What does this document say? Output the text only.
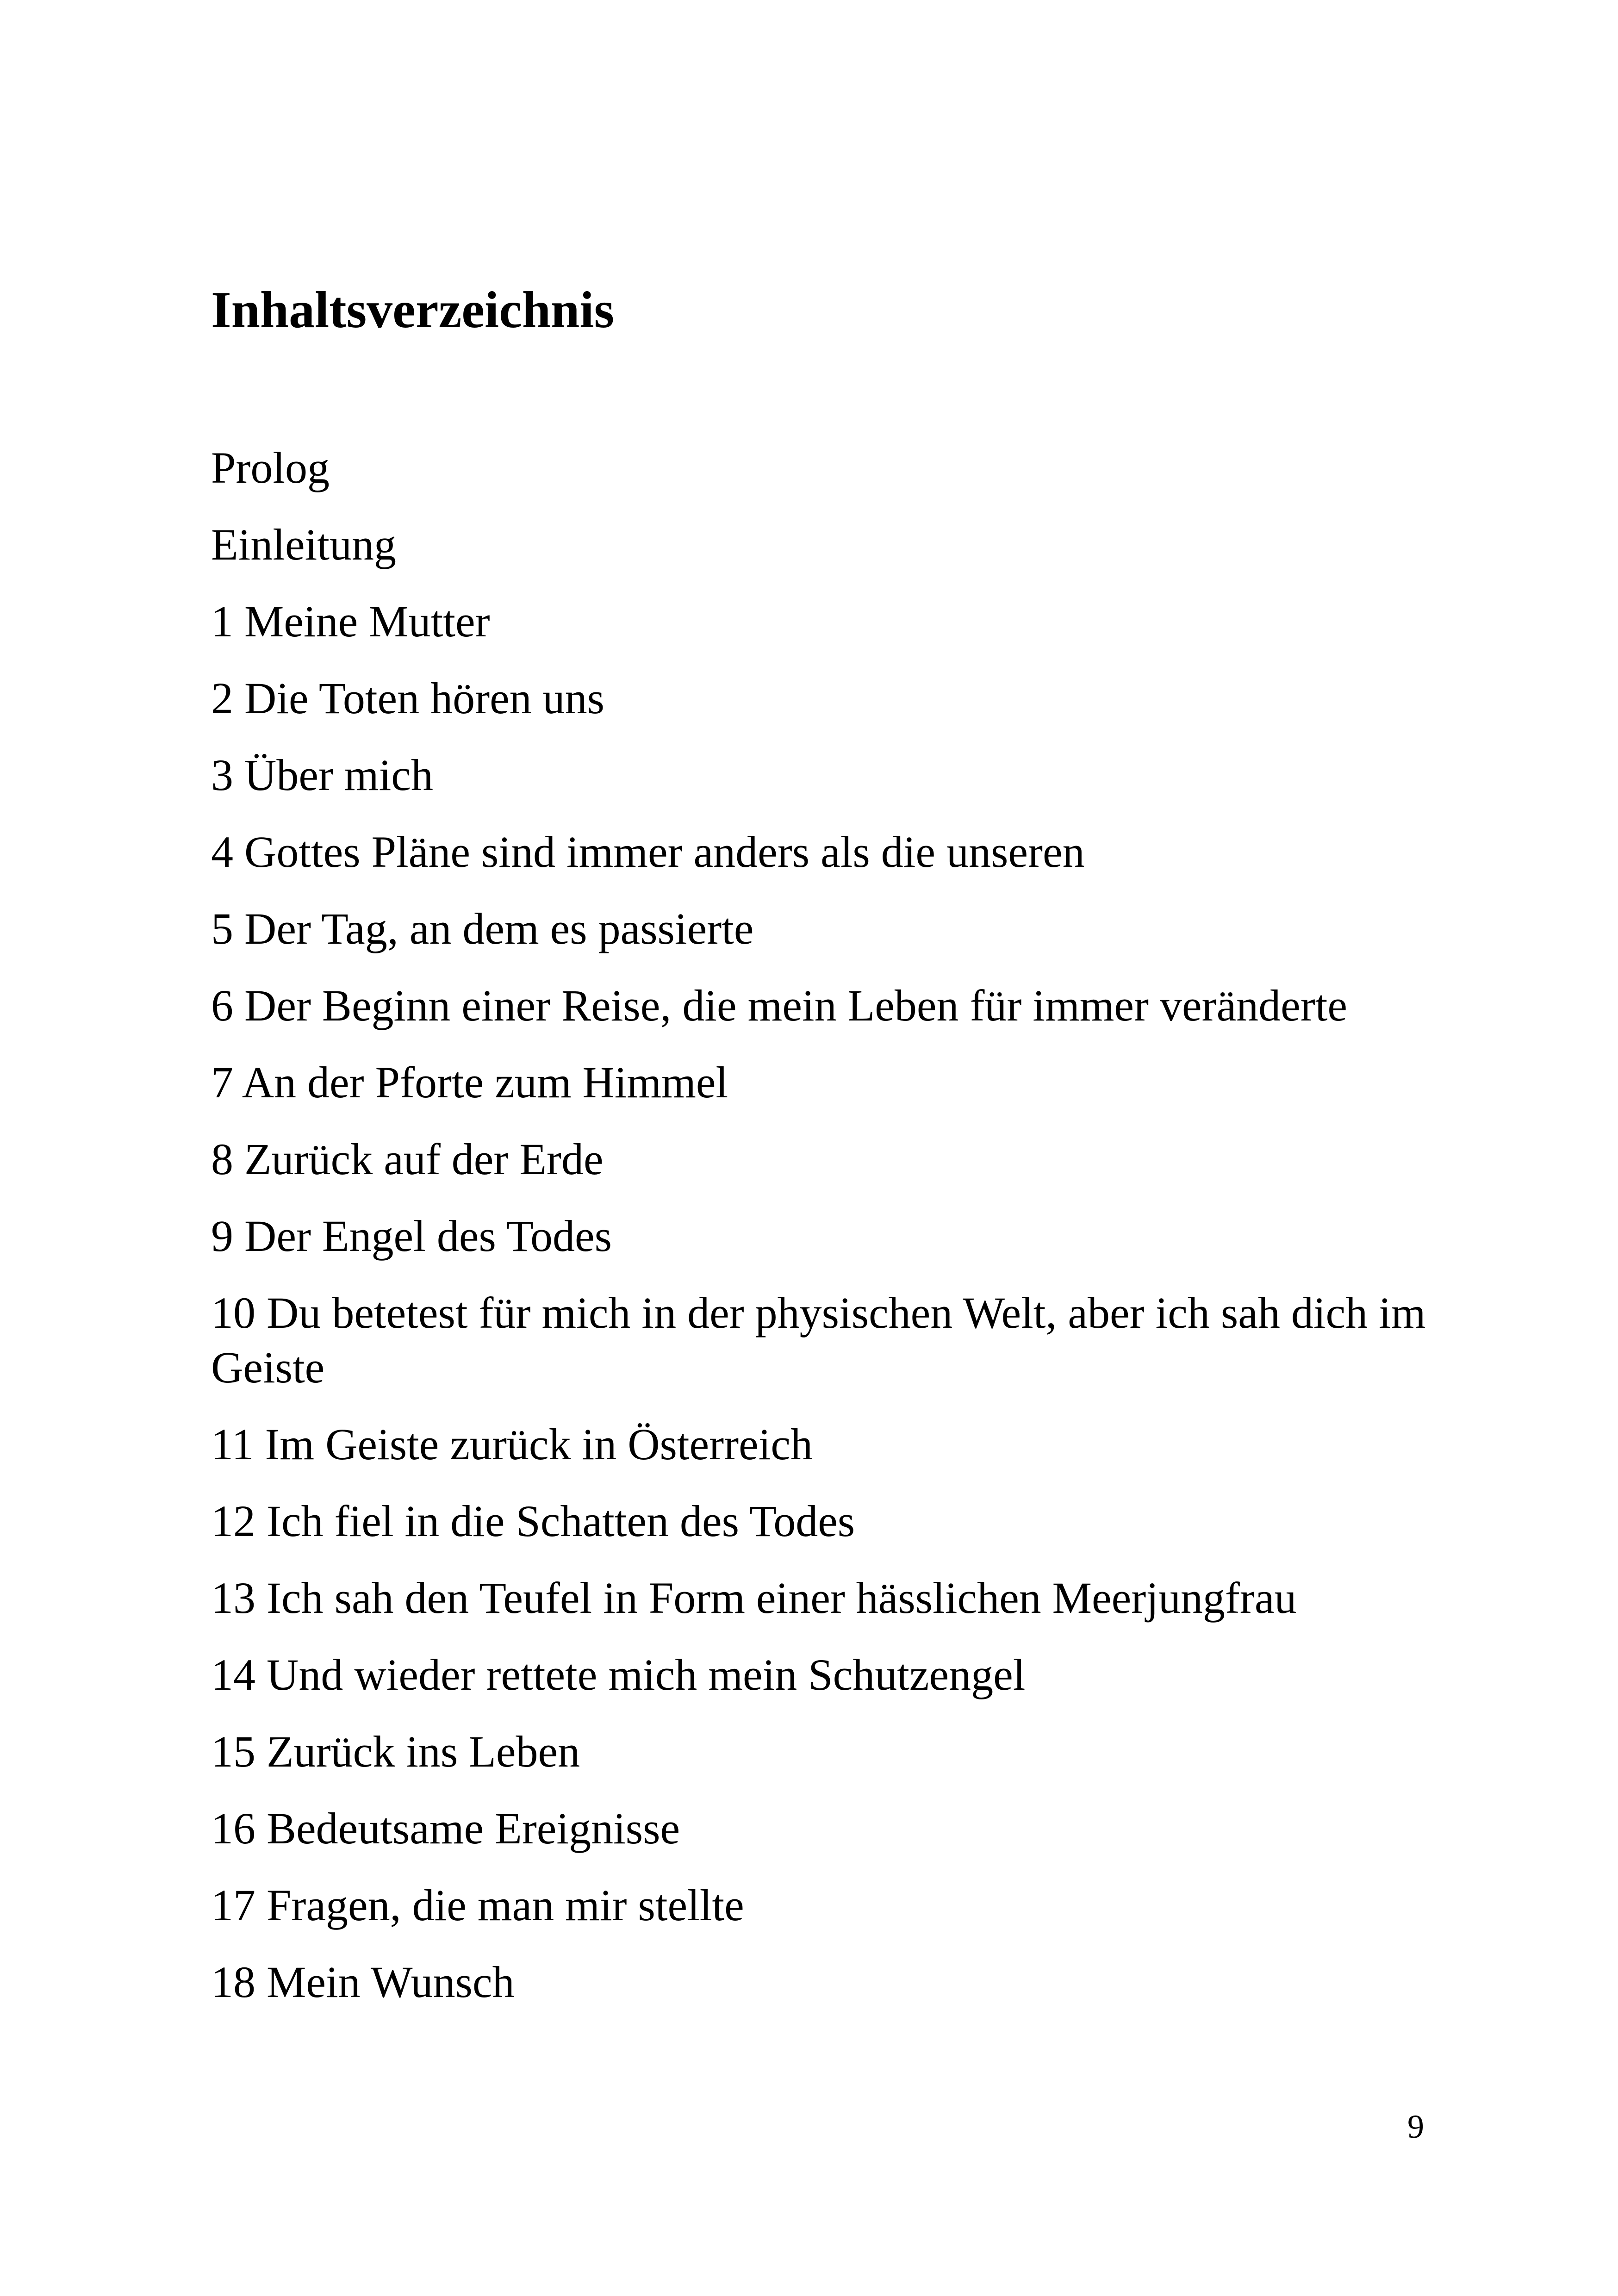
Inhaltsverzeichnis
Prolog
Einleitung
1 Meine Mutter
2 Die Toten hören uns
3 Über mich
4 Gottes Pläne sind immer anders als die unseren
5 Der Tag, an dem es passierte
6 Der Beginn einer Reise, die mein Leben für immer veränderte
7 An der Pforte zum Himmel
8 Zurück auf der Erde
9 Der Engel des Todes
10 Du betetest für mich in der physischen Welt, aber ich sah dich im Geiste
11 Im Geiste zurück in Österreich
12 Ich fiel in die Schatten des Todes
13 Ich sah den Teufel in Form einer hässlichen Meerjungfrau
14 Und wieder rettete mich mein Schutzengel
15 Zurück ins Leben
16 Bedeutsame Ereignisse
17 Fragen, die man mir stellte
18 Mein Wunsch
9
